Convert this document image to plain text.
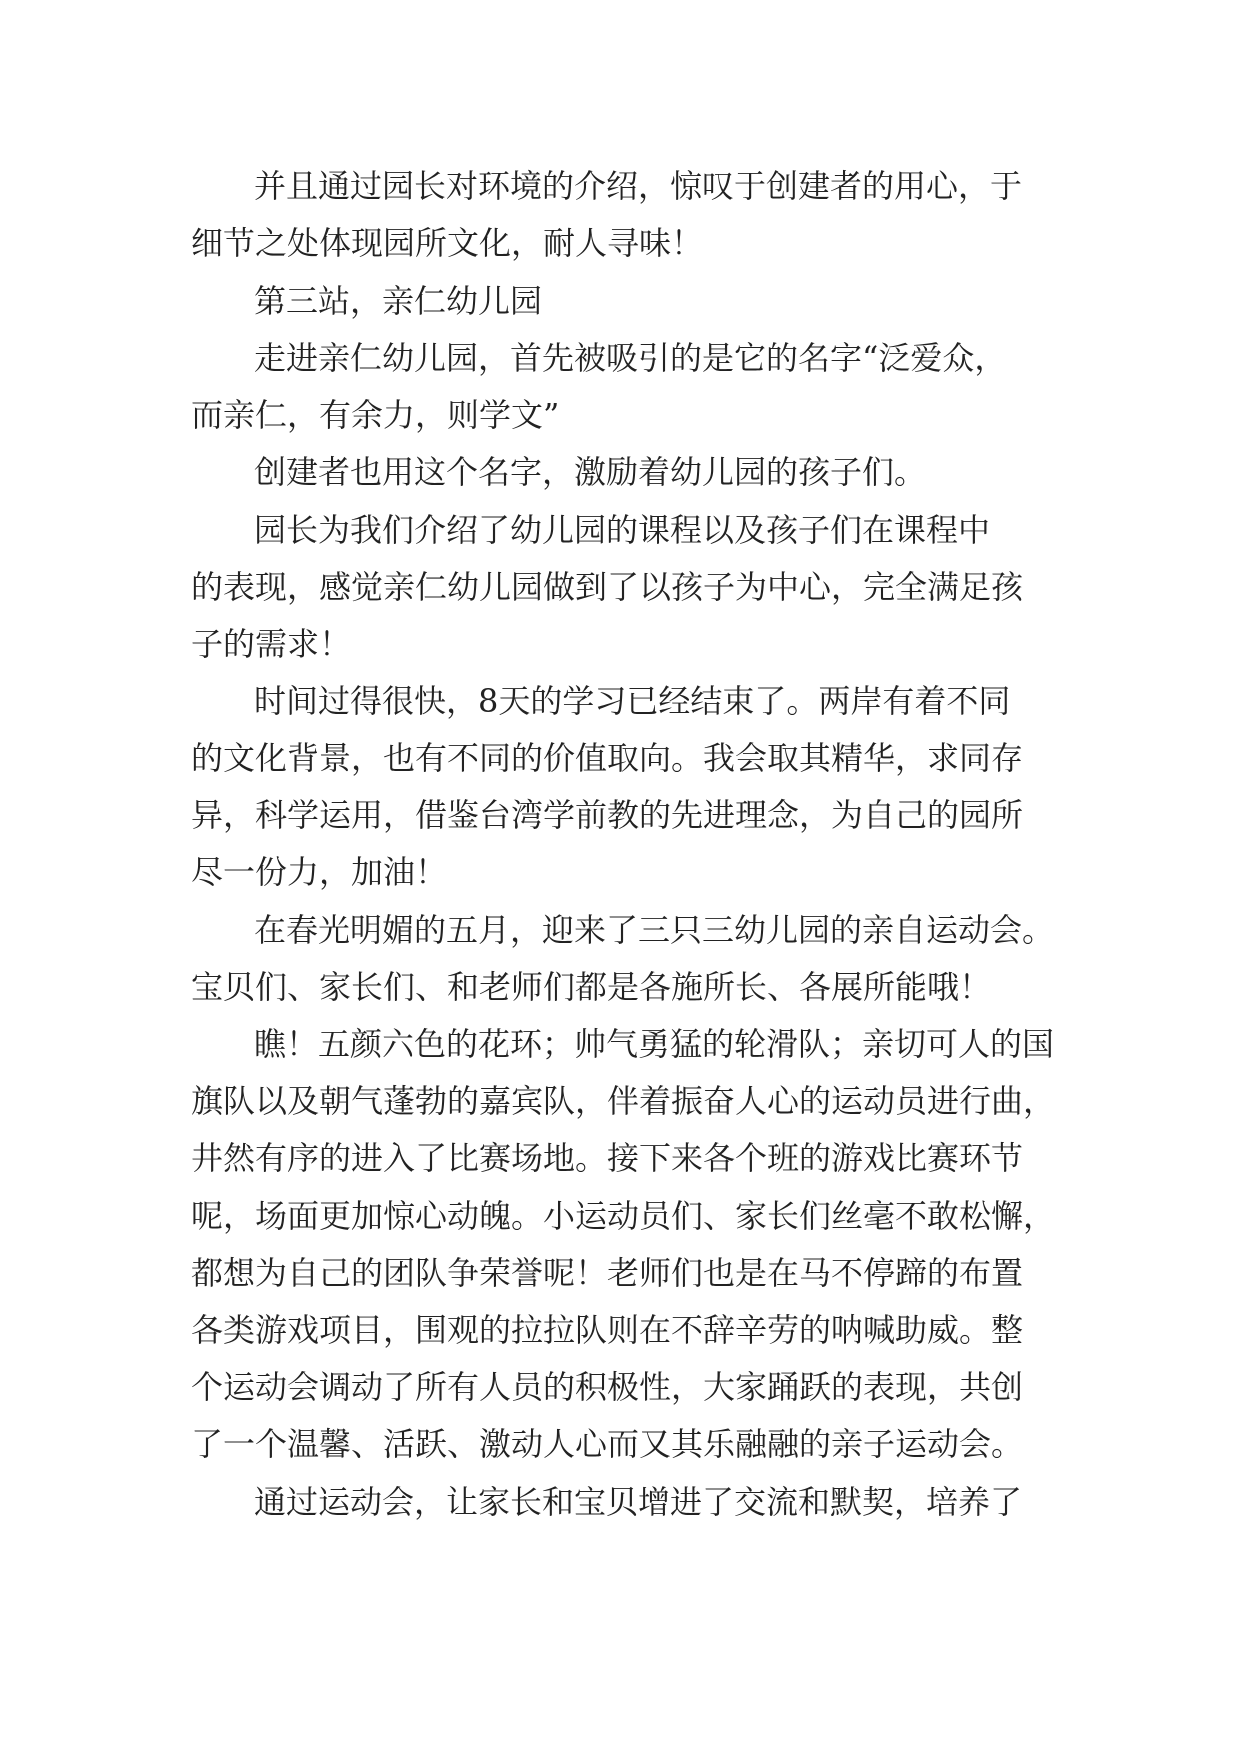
并且通过园长对环境的介绍，惊叹于创建者的用心，于

细节之处体现园所文化，耐人寻味！

第三站，亲仁幼儿园

走进亲仁幼儿园，首先被吸引的是它的名字“泛爱众，

而亲仁，有余力，则学文”

创建者也用这个名字，激励着幼儿园的孩子们。

园长为我们介绍了幼儿园的课程以及孩子们在课程中

的表现，感觉亲仁幼儿园做到了以孩子为中心，完全满足孩

子的需求！

时间过得很快，8天的学习已经结束了。两岸有着不同

的文化背景，也有不同的价值取向。我会取其精华，求同存

异，科学运用，借鉴台湾学前教的先进理念，为自己的园所

尽一份力，加油！

在春光明媚的五月，迎来了三只三幼儿园的亲自运动会。

宝贝们、家长们、和老师们都是各施所长、各展所能哦！

瞧！五颜六色的花环；帅气勇猛的轮滑队；亲切可人的国

旗队以及朝气蓬勃的嘉宾队，伴着振奋人心的运动员进行曲，

井然有序的进入了比赛场地。接下来各个班的游戏比赛环节

呢，场面更加惊心动魄。小运动员们、家长们丝毫不敢松懈，

都想为自己的团队争荣誉呢！老师们也是在马不停蹄的布置

各类游戏项目，围观的拉拉队则在不辞辛劳的呐喊助威。整

个运动会调动了所有人员的积极性，大家踊跃的表现，共创

了一个温馨、活跃、激动人心而又其乐融融的亲子运动会。

通过运动会，让家长和宝贝增进了交流和默契，培养了
